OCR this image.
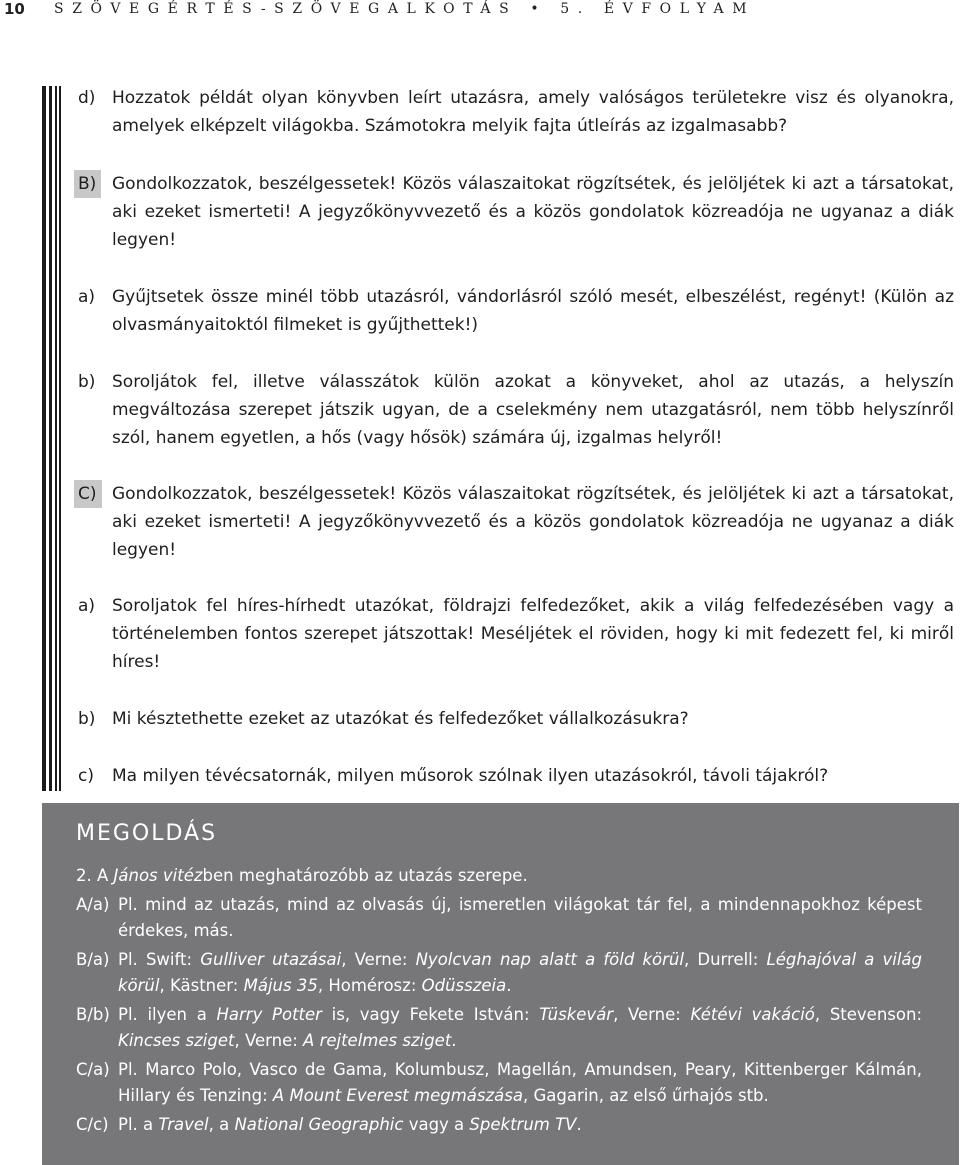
10 SZÖVEGÉRTÉS-SZÖVEGALKOTÁS • 5. ÉVFOLYAM
d) Hozzatok példát olyan könyvben leírt utazásra, amely valóságos területekre visz és olyanokra, amelyek elképzelt világokba. Számotokra melyik fajta útleírás az izgalmasabb?
B) Gondolkozzatok, beszélgessetek! Közös válaszaitokat rögzítsétek, és jelöljétek ki azt a társatokat, aki ezeket ismerteti! A jegyzőkönyvvezető és a közös gondolatok közreadója ne ugyanaz a diák legyen!
a) Gyűjtsetek össze minél több utazásról, vándorlásról szóló mesét, elbeszélést, regényt! (Külön az olvasmányaitoktól filmeket is gyűjthettek!)
b) Soroljátok fel, illetve válasszátok külön azokat a könyveket, ahol az utazás, a helyszín megváltozása szerepet játszik ugyan, de a cselekmény nem utazgatásról, nem több helyszínről szól, hanem egyetlen, a hős (vagy hősök) számára új, izgalmas helyről!
C) Gondolkozzatok, beszélgessetek! Közös válaszaitokat rögzítsétek, és jelöljétek ki azt a társatokat, aki ezeket ismerteti! A jegyzőkönyvvezető és a közös gondolatok közreadója ne ugyanaz a diák legyen!
a) Soroljatok fel híres-hírhedt utazókat, földrajzi felfedezőket, akik a világ felfedezésében vagy a történelemben fontos szerepet játszottak! Meséljétek el röviden, hogy ki mit fedezett fel, ki miről híres!
b) Mi késztethette ezeket az utazókat és felfedezőket vállalkozásukra?
c) Ma milyen tévécsatornák, milyen műsorok szólnak ilyen utazásokról, távoli tájakról?
MEGOLDÁS
2. A János vitézben meghatározóbb az utazás szerepe.
A/a) Pl. mind az utazás, mind az olvasás új, ismeretlen világokat tár fel, a mindennapokhoz képest érdekes, más.
B/a) Pl. Swift: Gulliver utazásai, Verne: Nyolcvan nap alatt a föld körül, Durrell: Léghajóval a világ körül, Kästner: Május 35, Homérosz: Odüsszeia.
B/b) Pl. ilyen a Harry Potter is, vagy Fekete István: Tüskevár, Verne: Kétévi vakáció, Stevenson: Kincses sziget, Verne: A rejtelmes sziget.
C/a) Pl. Marco Polo, Vasco de Gama, Kolumbusz, Magellán, Amundsen, Peary, Kittenberger Kálmán, Hillary és Tenzing: A Mount Everest megmászása, Gagarin, az első űrhajós stb.
C/c) Pl. a Travel, a National Geographic vagy a Spektrum TV.
